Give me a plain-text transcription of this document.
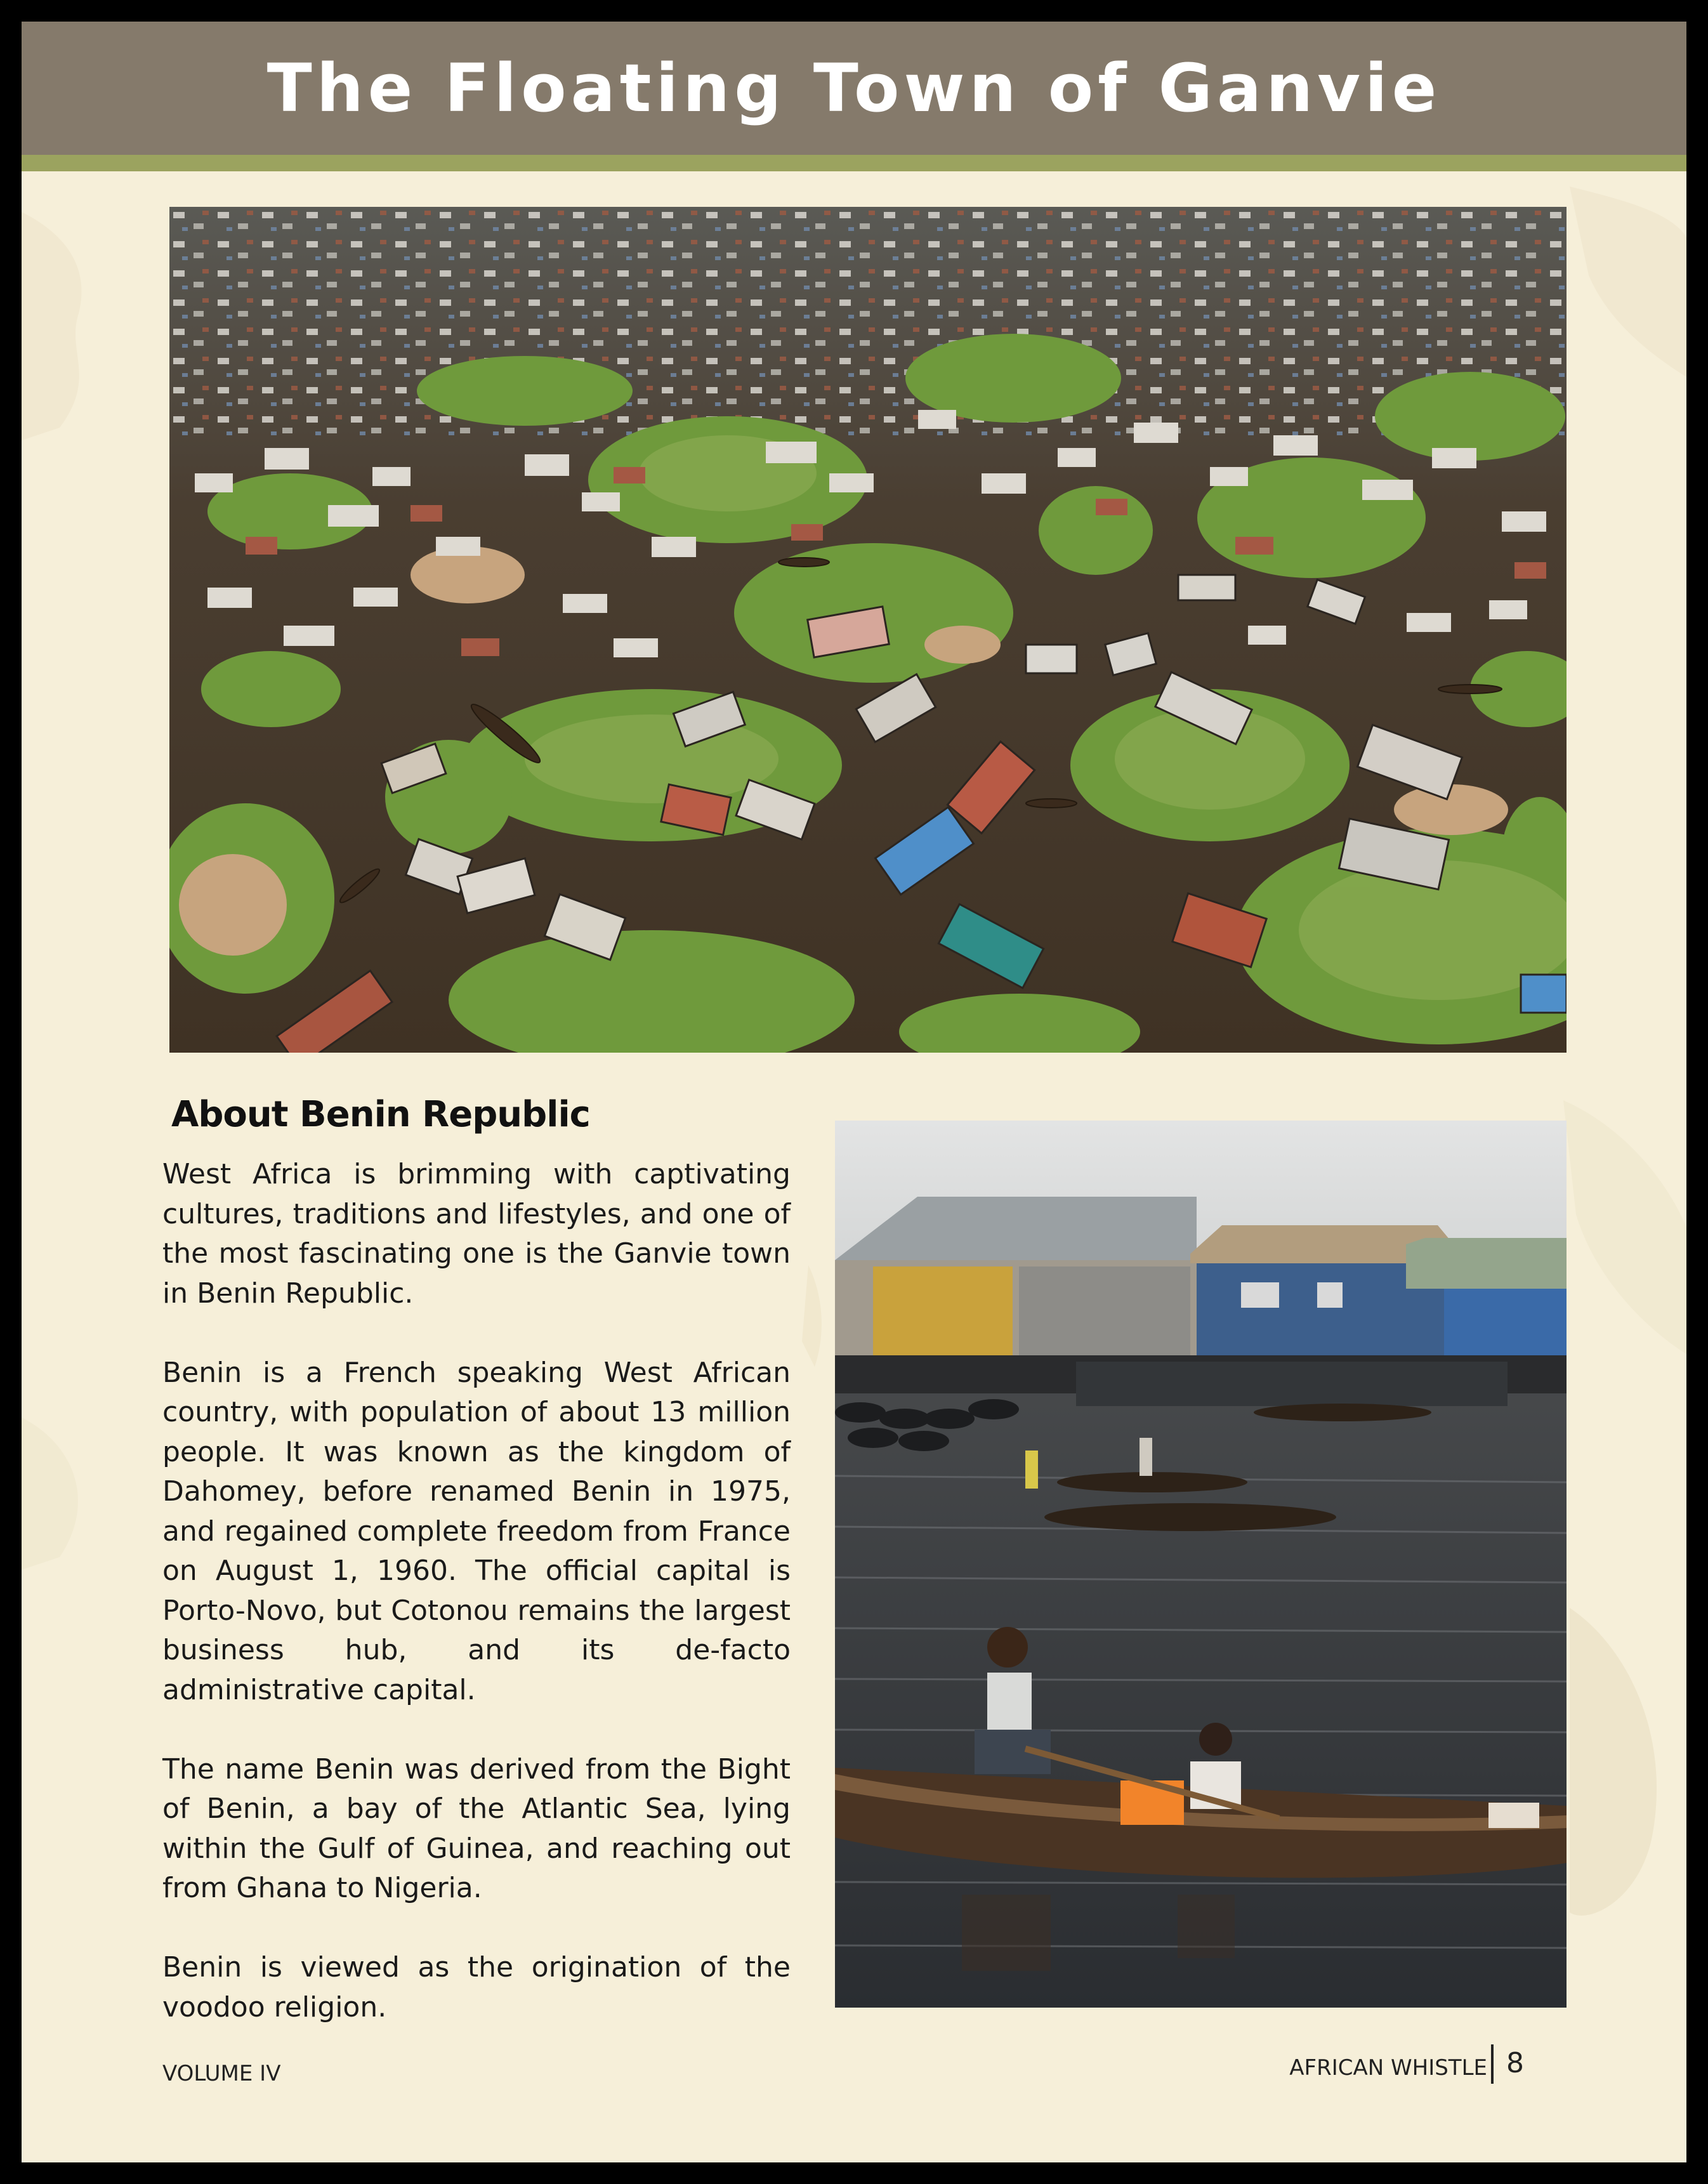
The Floating Town of Ganvie
About Benin Republic

West Africa is brimming with captivating cultures, traditions and lifestyles, and one of the most fascinating one is the Ganvie town in Benin Republic.

Benin is a French speaking West African country, with population of about 13 million people. It was known as the kingdom of Dahomey, before renamed Benin in 1975, and regained complete freedom from France on August 1, 1960. The official capital is Porto-Novo, but Cotonou remains the largest business hub, and its de-facto administrative capital.

The name Benin was derived from the Bight of Benin, a bay of the Atlantic Sea, lying within the Gulf of Guinea, and reaching out from Ghana to Nigeria.

Benin is viewed as the origination of the voodoo religion.

VOLUME IV	AFRICAN WHISTLE 8
